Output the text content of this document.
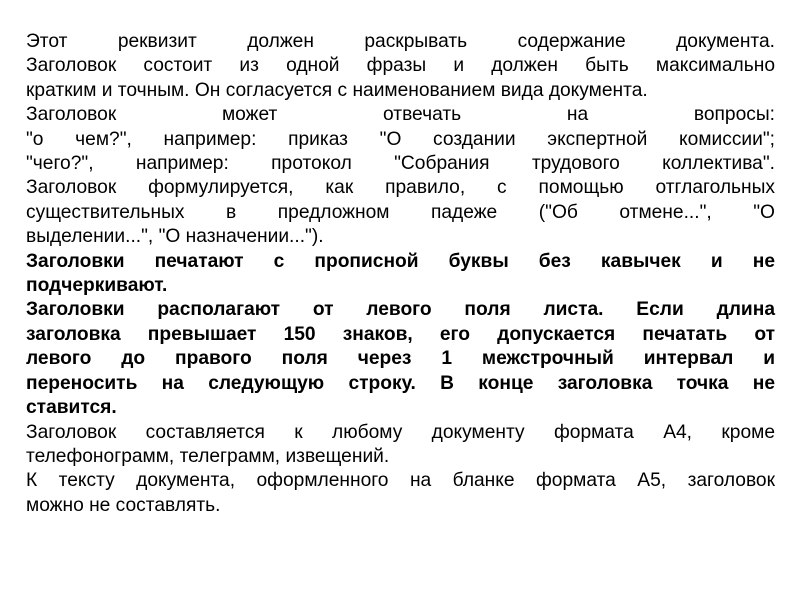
Этот реквизит должен раскрывать содержание документа.
Заголовок состоит из одной фразы и должен быть максимально
кратким и точным. Он согласуется с наименованием вида документа.
Заголовок может отвечать на вопросы:
"о чем?", например: приказ "О создании экспертной комиссии";
"чего?", например: протокол "Собрания трудового коллектива".
Заголовок формулируется, как правило, с помощью отглагольных
существительных в предложном падеже ("Об отмене...", "О
выделении...", "О назначении...").
Заголовки печатают с прописной буквы без кавычек и не
подчеркивают.
Заголовки располагают от левого поля листа. Если длина
заголовка превышает 150 знаков, его допускается печатать от
левого до правого поля через 1 межстрочный интервал и
переносить на следующую строку. В конце заголовка точка не
ставится.
Заголовок составляется к любому документу формата А4, кроме
телефонограмм, телеграмм, извещений.
К тексту документа, оформленного на бланке формата А5, заголовок
можно не составлять.
